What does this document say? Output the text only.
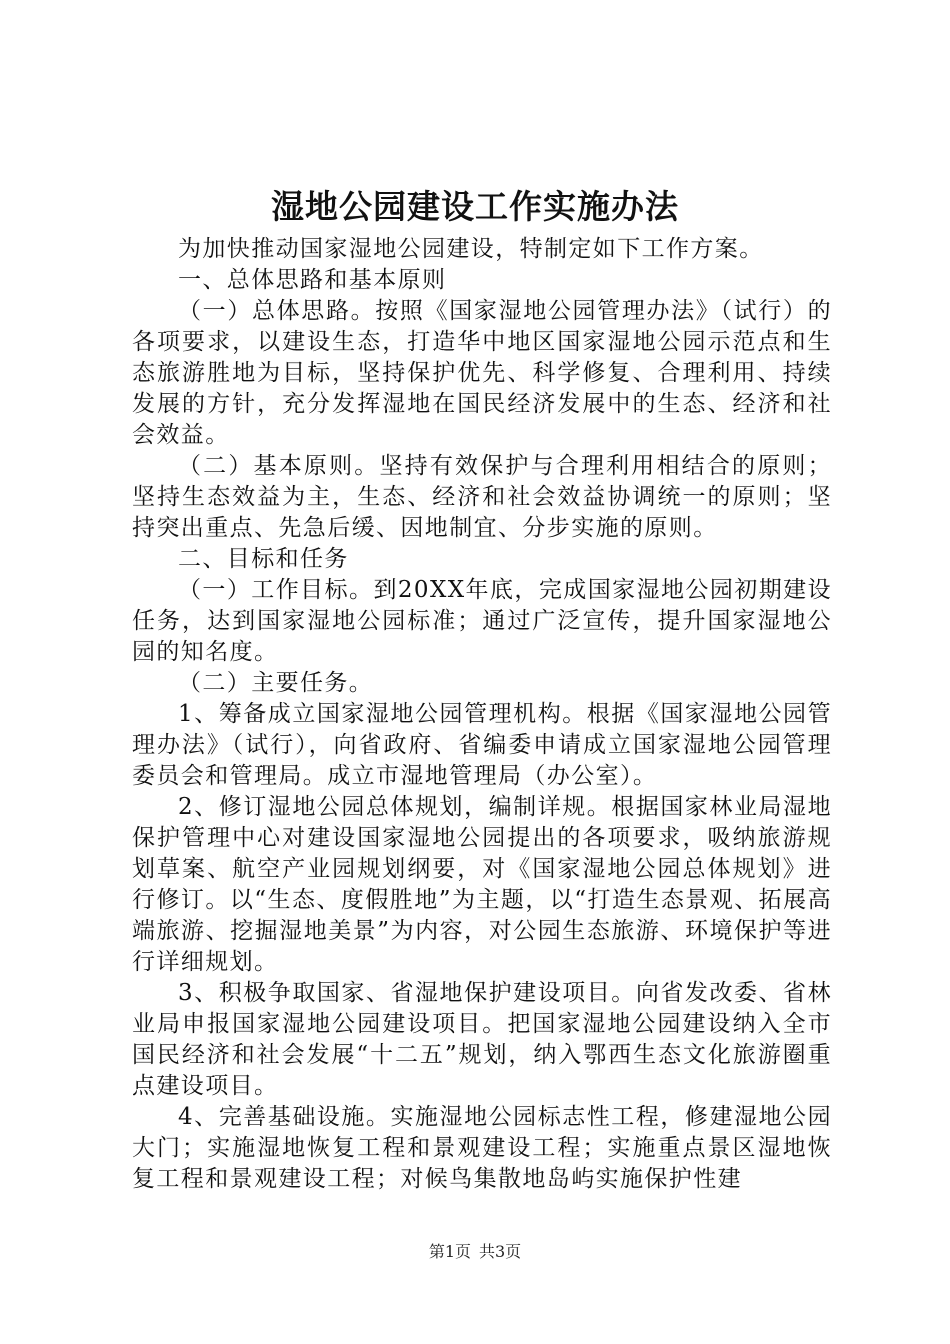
湿地公园建设工作实施办法

为加快推动国家湿地公园建设，特制定如下工作方案。

一、总体思路和基本原则

（一）总体思路。按照《国家湿地公园管理办法》（试行）的各项要求，以建设生态，打造华中地区国家湿地公园示范点和生态旅游胜地为目标，坚持保护优先、科学修复、合理利用、持续发展的方针，充分发挥湿地在国民经济发展中的生态、经济和社会效益。

（二）基本原则。坚持有效保护与合理利用相结合的原则；坚持生态效益为主，生态、经济和社会效益协调统一的原则；坚持突出重点、先急后缓、因地制宜、分步实施的原则。

二、目标和任务

（一）工作目标。到20XX年底，完成国家湿地公园初期建设任务，达到国家湿地公园标准；通过广泛宣传，提升国家湿地公园的知名度。

（二）主要任务。

1、筹备成立国家湿地公园管理机构。根据《国家湿地公园管理办法》（试行），向省政府、省编委申请成立国家湿地公园管理委员会和管理局。成立市湿地管理局（办公室）。

2、修订湿地公园总体规划，编制详规。根据国家林业局湿地保护管理中心对建设国家湿地公园提出的各项要求，吸纳旅游规划草案、航空产业园规划纲要，对《国家湿地公园总体规划》进行修订。以“生态、度假胜地”为主题，以“打造生态景观、拓展高端旅游、挖掘湿地美景”为内容，对公园生态旅游、环境保护等进行详细规划。

3、积极争取国家、省湿地保护建设项目。向省发改委、省林业局申报国家湿地公园建设项目。把国家湿地公园建设纳入全市国民经济和社会发展“十二五”规划，纳入鄂西生态文化旅游圈重点建设项目。

4、完善基础设施。实施湿地公园标志性工程，修建湿地公园大门；实施湿地恢复工程和景观建设工程；实施重点景区湿地恢复工程和景观建设工程；对候鸟集散地岛屿实施保护性建

第1页 共3页
